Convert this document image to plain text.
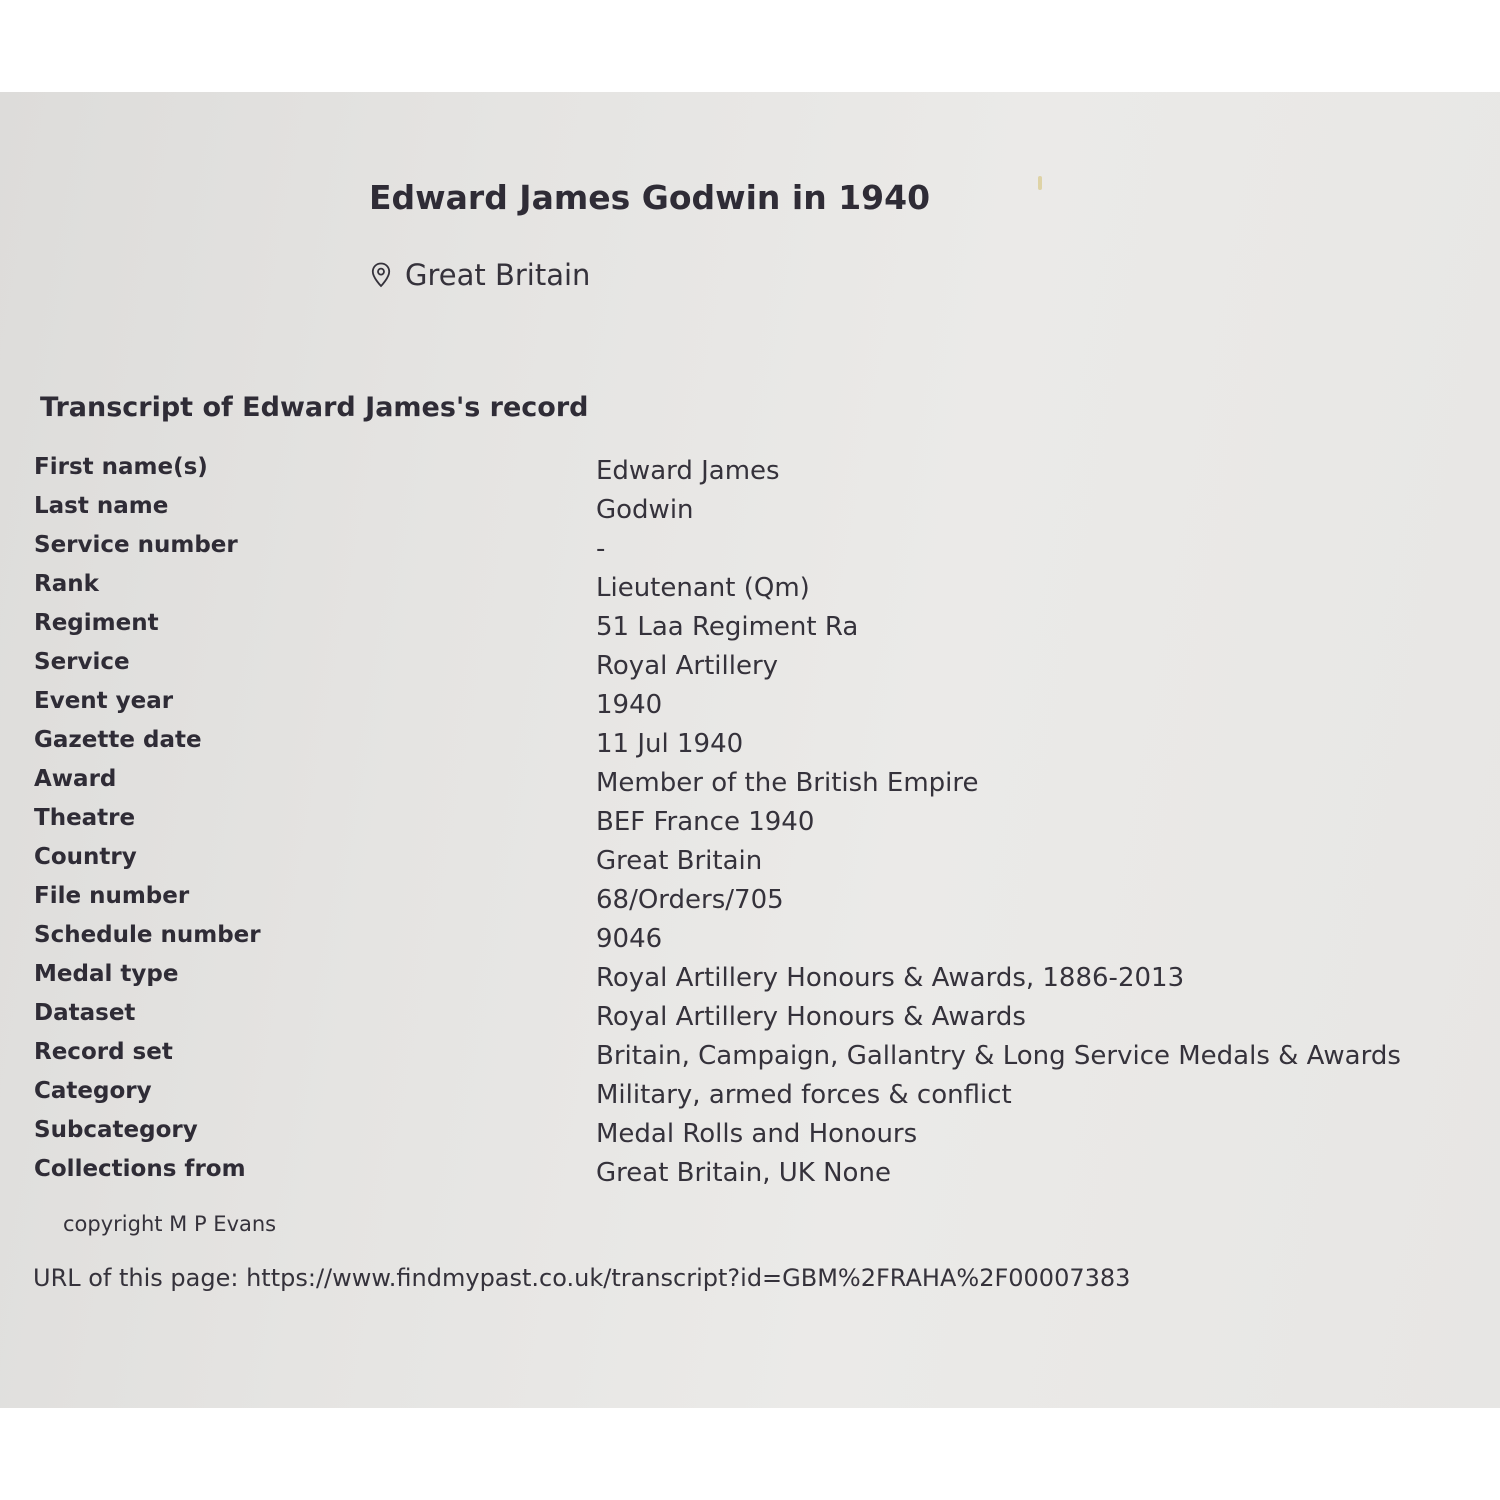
Edward James Godwin in 1940
Great Britain
Transcript of Edward James's record
First name(s)	Edward James
Last name	Godwin
Service number	-
Rank	Lieutenant (Qm)
Regiment	51 Laa Regiment Ra
Service	Royal Artillery
Event year	1940
Gazette date	11 Jul 1940
Award	Member of the British Empire
Theatre	BEF France 1940
Country	Great Britain
File number	68/Orders/705
Schedule number	9046
Medal type	Royal Artillery Honours & Awards, 1886-2013
Dataset	Royal Artillery Honours & Awards
Record set	Britain, Campaign, Gallantry & Long Service Medals & Awards
Category	Military, armed forces & conflict
Subcategory	Medal Rolls and Honours
Collections from	Great Britain, UK None
copyright M P Evans
URL of this page: https://www.findmypast.co.uk/transcript?id=GBM%2FRAHA%2F00007383
